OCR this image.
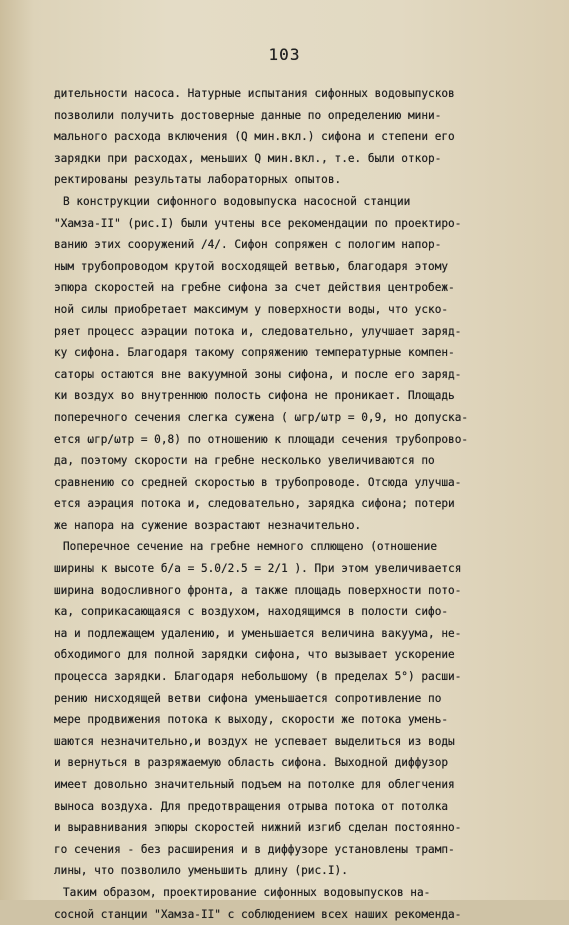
103
дительности насоса. Натурные испытания сифонных водовыпусков
позволили получить достоверные данные по определению мини-
мального расхода включения (Q мин.вкл.) сифона и степени его
зарядки при расходах, меньших Q мин.вкл., т.е. были откор-
ректированы результаты лабораторных опытов.
В конструкции сифонного водовыпуска насосной станции
"Хамза-II" (рис.I) были учтены все рекомендации по проектиро-
ванию этих сооружений /4/. Сифон сопряжен с пологим напор-
ным трубопроводом крутой восходящей ветвью, благодаря этому
эпюра скоростей на гребне сифона за счет действия центробеж-
ной силы приобретает максимум у поверхности воды, что уско-
ряет процесс аэрации потока и, следовательно, улучшает заряд-
ку сифона. Благодаря такому сопряжению температурные компен-
саторы остаются вне вакуумной зоны сифона, и после его заряд-
ки воздух во внутреннюю полость сифона не проникает. Площадь
поперечного сечения слегка сужена ( ωгр/ωтр = 0,9, но допуска-
ется ωгр/ωтр = 0,8) по отношению к площади сечения трубопрово-
да, поэтому скорости на гребне несколько увеличиваются по
сравнению со средней скоростью в трубопроводе. Отсюда улучша-
ется аэрация потока и, следовательно, зарядка сифона; потери
же напора на сужение возрастают незначительно.
Поперечное сечение на гребне немного сплющено (отношение
ширины к высоте б/а = 5.0/2.5 = 2/1 ). При этом увеличивается
ширина водосливного фронта, а также площадь поверхности пото-
ка, соприкасающаяся с воздухом, находящимся в полости сифо-
на и подлежащем удалению, и уменьшается величина вакуума, не-
обходимого для полной зарядки сифона, что вызывает ускорение
процесса зарядки. Благодаря небольшому (в пределах 5°) расши-
рению нисходящей ветви сифона уменьшается сопротивление по
мере продвижения потока к выходу, скорости же потока умень-
шаются незначительно,и воздух не успевает выделиться из воды
и вернуться в разряжаемую область сифона. Выходной диффузор
имеет довольно значительный подъем на потолке для облегчения
выноса воздуха. Для предотвращения отрыва потока от потолка
и выравнивания эпюры скоростей нижний изгиб сделан постоянно-
го сечения - без расширения и в диффузоре установлены трамп-
лины, что позволило уменьшить длину (рис.I).
Таким образом, проектирование сифонных водовыпусков на-
сосной станции "Хамза-II" с соблюдением всех наших рекоменда-
